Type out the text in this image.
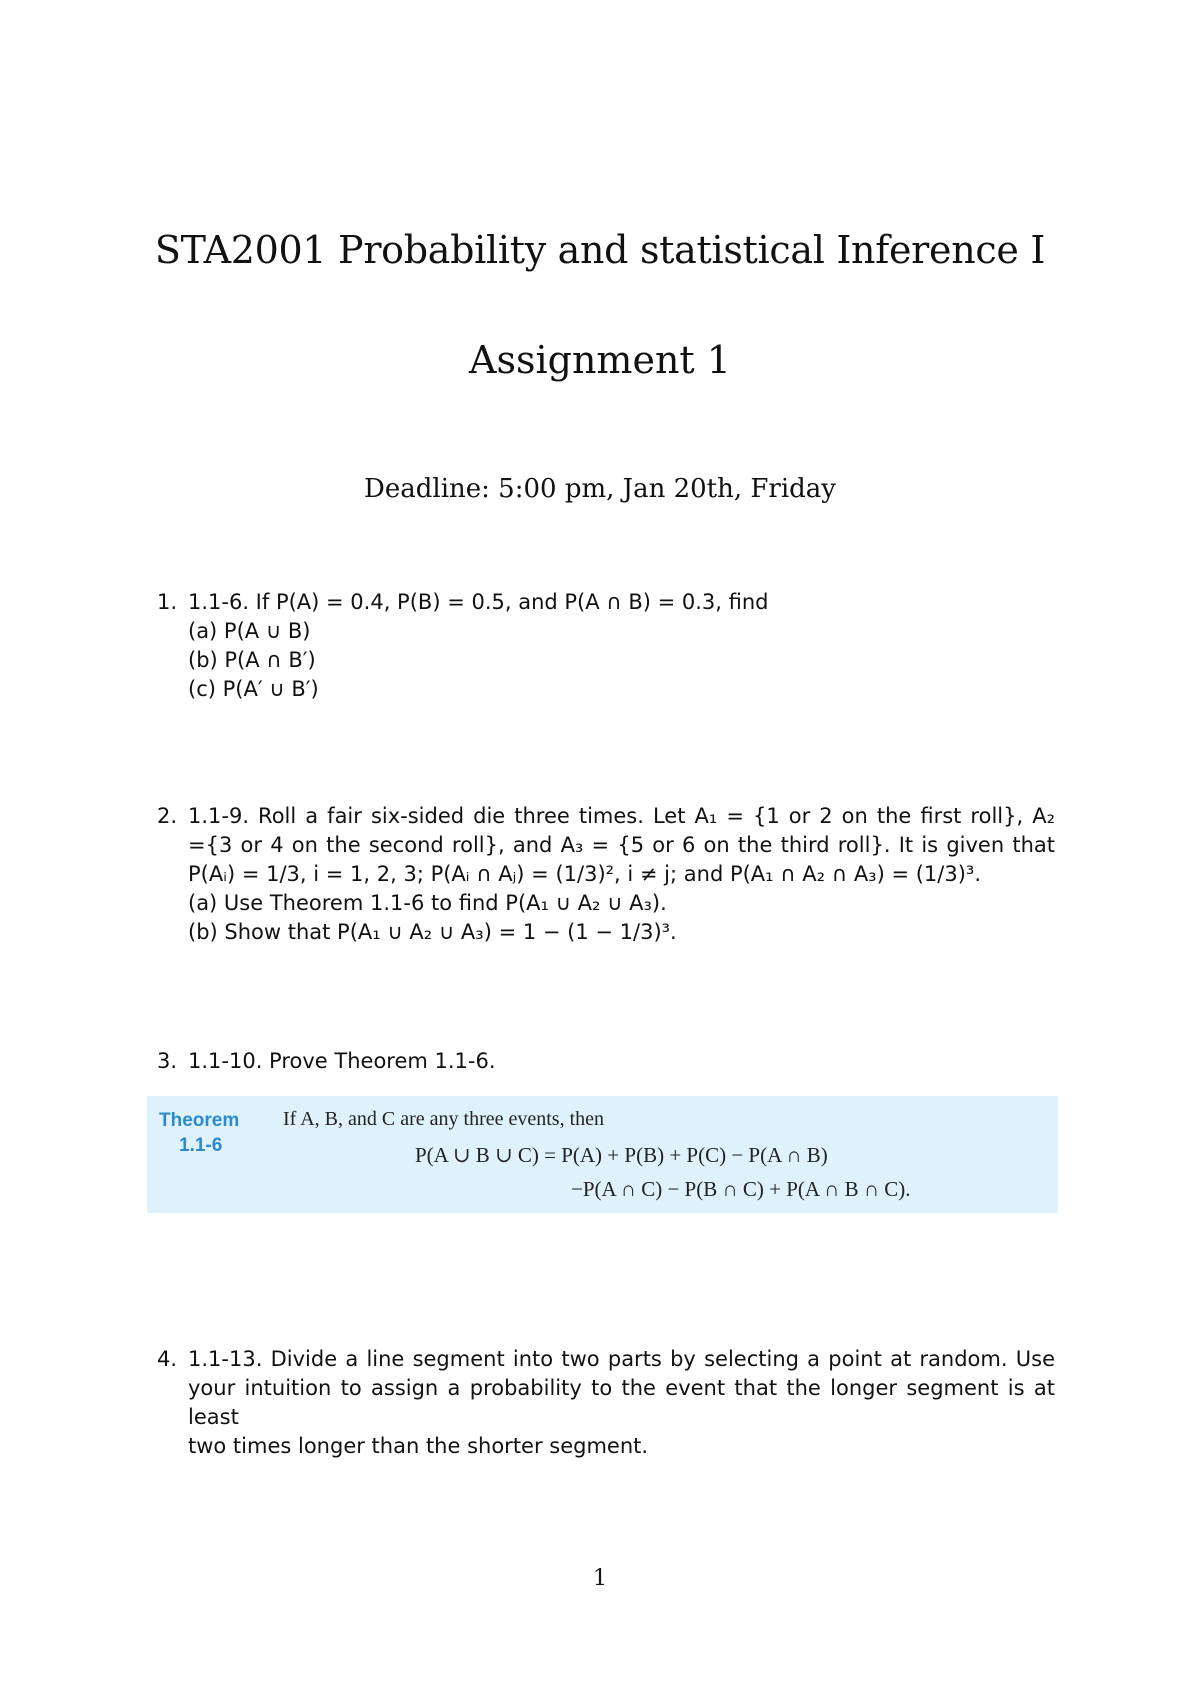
STA2001 Probability and statistical Inference I
Assignment 1
Deadline: 5:00 pm, Jan 20th, Friday
1. 1.1-6. If P(A) = 0.4, P(B) = 0.5, and P(A ∩ B) = 0.3, find
(a) P(A ∪ B)
(b) P(A ∩ B′)
(c) P(A′ ∪ B′)
2. 1.1-9. Roll a fair six-sided die three times. Let A₁ = {1 or 2 on the first roll}, A₂
={3 or 4 on the second roll}, and A₃ = {5 or 6 on the third roll}. It is given that
P(Aᵢ) = 1/3, i = 1, 2, 3; P(Aᵢ ∩ Aⱼ) = (1/3)², i ≠ j; and P(A₁ ∩ A₂ ∩ A₃) = (1/3)³.
(a) Use Theorem 1.1-6 to find P(A₁ ∪ A₂ ∪ A₃).
(b) Show that P(A₁ ∪ A₂ ∪ A₃) = 1 − (1 − 1/3)³.
3. 1.1-10. Prove Theorem 1.1-6.
Theorem
1.1-6
If A, B, and C are any three events, then
P(A ∪ B ∪ C) = P(A) + P(B) + P(C) − P(A ∩ B)
−P(A ∩ C) − P(B ∩ C) + P(A ∩ B ∩ C).
4. 1.1-13. Divide a line segment into two parts by selecting a point at random. Use
your intuition to assign a probability to the event that the longer segment is at least
two times longer than the shorter segment.
1
